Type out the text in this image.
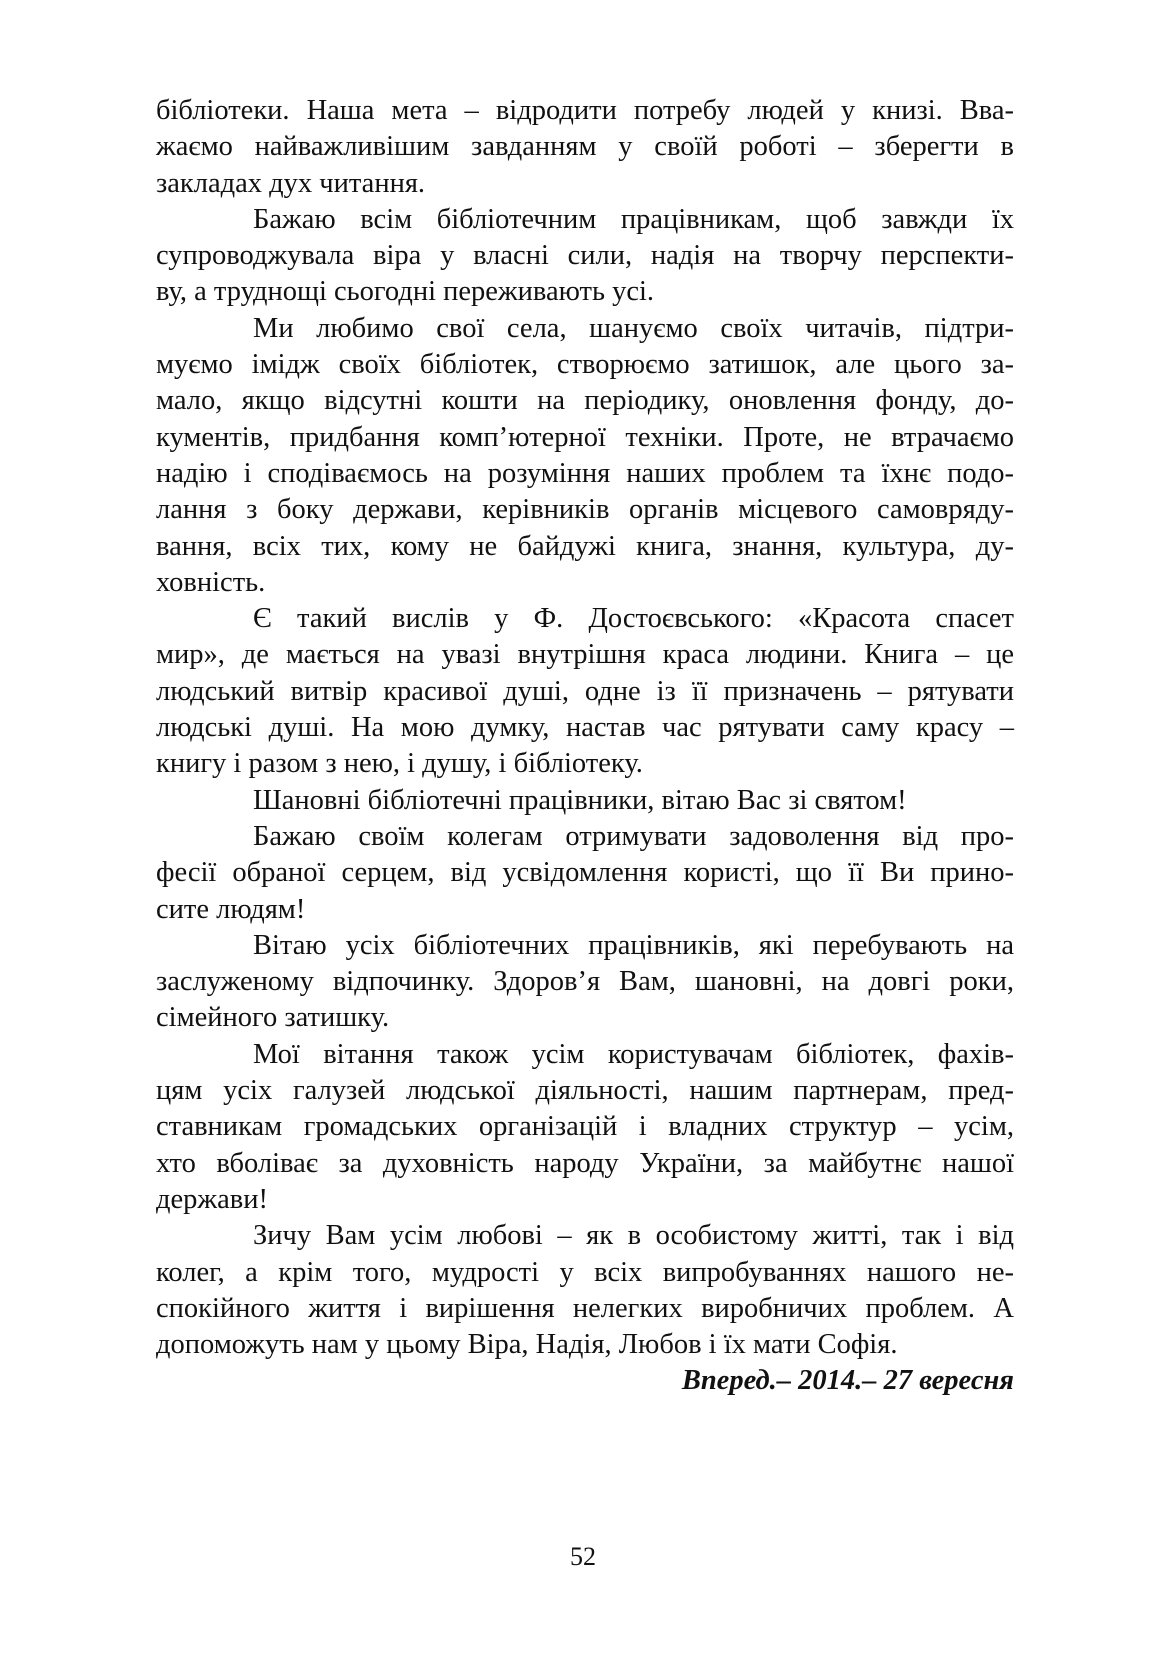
бібліотеки. Наша мета – відродити потребу людей у книзі. Вва-
жаємо найважливішим завданням у своїй роботі – зберегти в
закладах дух читання.
Бажаю всім бібліотечним працівникам, щоб завжди їх
супроводжувала віра у власні сили, надія на творчу перспекти-
ву, а труднощі сьогодні переживають усі.
Ми любимо свої села, шануємо своїх читачів, підтри-
муємо імідж своїх бібліотек, створюємо затишок, але цього за-
мало, якщо відсутні кошти на періодику, оновлення фонду, до-
кументів, придбання комп’ютерної техніки. Проте, не втрачаємо
надію і сподіваємось на розуміння наших проблем та їхнє подо-
лання з боку держави, керівників органів місцевого самовряду-
вання, всіх тих, кому не байдужі книга, знання, культура, ду-
ховність.
Є такий вислів у Ф. Достоєвського: «Красота спасет
мир», де мається на увазі внутрішня краса людини. Книга – це
людський витвір красивої душі, одне із її призначень – рятувати
людські душі. На мою думку, настав час рятувати саму красу –
книгу і разом з нею, і душу, і бібліотеку.
Шановні бібліотечні працівники, вітаю Вас зі святом!
Бажаю своїм колегам отримувати задоволення від про-
фесії обраної серцем, від усвідомлення користі, що її Ви прино-
сите людям!
Вітаю усіх бібліотечних працівників, які перебувають на
заслуженому відпочинку. Здоров’я Вам, шановні, на довгі роки,
сімейного затишку.
Мої вітання також усім користувачам бібліотек, фахів-
цям усіх галузей людської діяльності, нашим партнерам, пред-
ставникам громадських організацій і владних структур – усім,
хто вболіває за духовність народу України, за майбутнє нашої
держави!
Зичу Вам усім любові – як в особистому житті, так і від
колег, а крім того, мудрості у всіх випробуваннях нашого не-
спокійного життя і вирішення нелегких виробничих проблем. А
допоможуть нам у цьому Віра, Надія, Любов і їх мати Софія.
Вперед.– 2014.– 27 вересня
52
